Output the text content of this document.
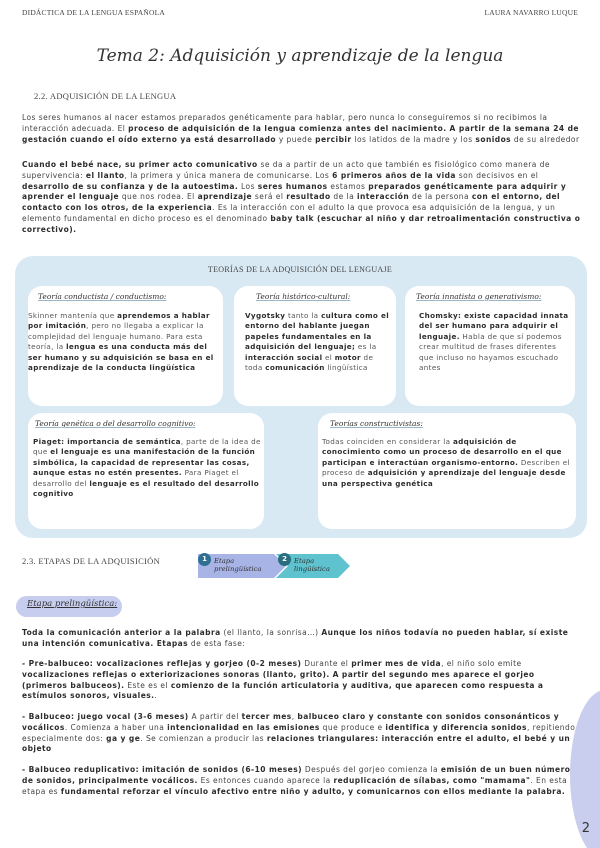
DIDÁCTICA DE LA LENGUA ESPAÑOLA	LAURA NAVARRO LUQUE
Tema 2: Adquisición y aprendizaje de la lengua
2.2. ADQUISICIÓN DE LA LENGUA

Los seres humanos al nacer estamos preparados genéticamente para hablar, pero nunca lo conseguiremos si no recibimos la interacción adecuada. El proceso de adquisición de la lengua comienza antes del nacimiento. A partir de la semana 24 de gestación cuando el oído externo ya está desarrollado y puede percibir los latidos de la madre y los sonidos de su alrededor

Cuando el bebé nace, su primer acto comunicativo se da a partir de un acto que también es fisiológico como manera de supervivencia: el llanto, la primera y única manera de comunicarse. Los 6 primeros años de la vida son decisivos en el desarrollo de su confianza y de la autoestima. Los seres humanos estamos preparados genéticamente para adquirir y aprender el lenguaje que nos rodea. El aprendizaje será el resultado de la interacción de la persona con el entorno, del contacto con los otros, de la experiencia. Es la interacción con el adulto la que provoca esa adquisición de la lengua, y un elemento fundamental en dicho proceso es el denominado baby talk (escuchar al niño y dar retroalimentación constructiva o correctivo).

TEORÍAS DE LA ADQUISICIÓN DEL LENGUAJE
Teoría conductista / conductismo:
Skinner mantenía que aprendemos a hablar por imitación, pero no llegaba a explicar la complejidad del lenguaje humano. Para esta teoría, la lengua es una conducta más del ser humano y su adquisición se basa en el aprendizaje de la conducta lingüística
Teoría histórico-cultural:
Vygotsky tanto la cultura como el entorno del hablante juegan papeles fundamentales en la adquisición del lenguaje; es la interacción social el motor de toda comunicación lingüística
Teoría innatista o generativismo:
Chomsky: existe capacidad innata del ser humano para adquirir el lenguaje. Habla de que sí podemos crear multitud de frases diferentes que incluso no hayamos escuchado antes
Teoría genética o del desarrollo cognitivo:
Piaget: importancia de semántica, parte de la idea de que el lenguaje es una manifestación de la función simbólica, la capacidad de representar las cosas, aunque estas no estén presentes. Para Piaget el desarrollo del lenguaje es el resultado del desarrollo cognitivo
Teorías constructivistas:
Todas coinciden en considerar la adquisición de conocimiento como un proceso de desarrollo en el que participan e interactúan organismo-entorno. Describen el proceso de adquisición y aprendizaje del lenguaje desde una perspectiva genética
2.3. ETAPAS DE LA ADQUISICIÓN	1	Etapa prelingüística
2	Etapa lingüística
Etapa prelingüística:

Toda la comunicación anterior a la palabra (el llanto, la sonrisa…) Aunque los niños todavía no pueden hablar, sí existe una intención comunicativa. Etapas de esta fase:

- Pre-balbuceo: vocalizaciones reflejas y gorjeo (0-2 meses) Durante el primer mes de vida, el niño solo emite vocalizaciones reflejas o exteriorizaciones sonoras (llanto, grito). A partir del segundo mes aparece el gorjeo (primeros balbuceos). Este es el comienzo de la función articulatoria y auditiva, que aparecen como respuesta a estímulos sonoros, visuales..

- Balbuceo: juego vocal (3-6 meses) A partir del tercer mes, balbuceo claro y constante con sonidos consonánticos y vocálicos. Comienza a haber una intencionalidad en las emisiones que produce e identifica y diferencia sonidos, repitiendo especialmente dos: ga y ge. Se comienzan a producir las relaciones triangulares: interacción entre el adulto, el bebé y un objeto

- Balbuceo reduplicativo: imitación de sonidos (6-10 meses) Después del gorjeo comienza la emisión de un buen número de sonidos, principalmente vocálicos. Es entonces cuando aparece la reduplicación de sílabas, como "mamama". En esta etapa es fundamental reforzar el vínculo afectivo entre niño y adulto, y comunicarnos con ellos mediante la palabra.

2
